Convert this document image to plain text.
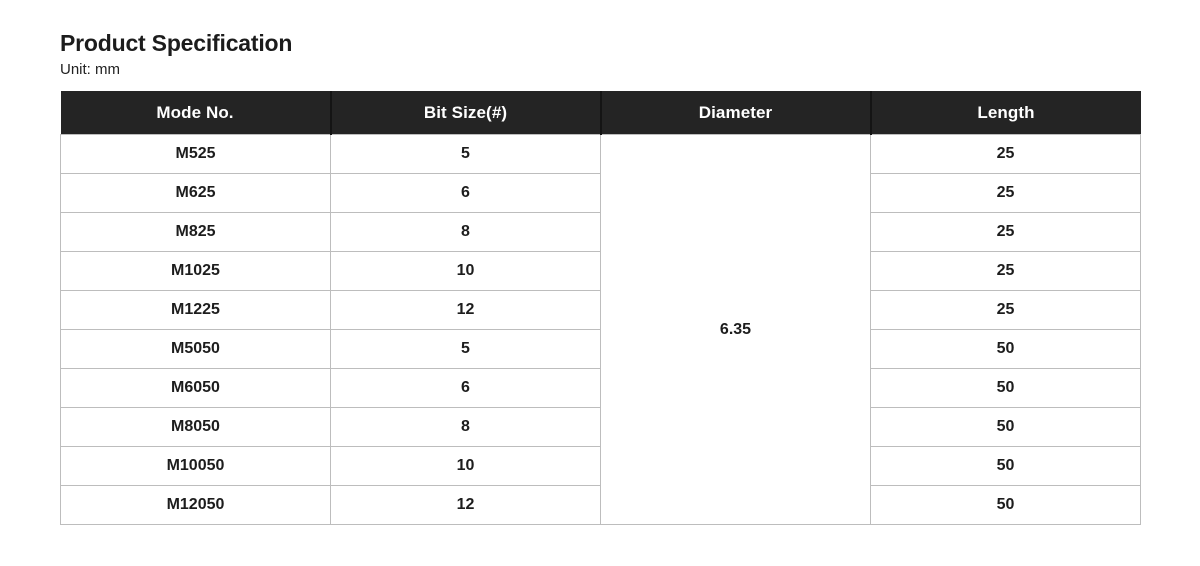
Product Specification
Unit: mm
Mode No.	Bit Size(#)	Diameter	Length
M525	5	6.35	25
M625	6		25
M825	8		25
M1025	10		25
M1225	12		25
M5050	5		50
M6050	6		50
M8050	8		50
M10050	10		50
M12050	12		50
